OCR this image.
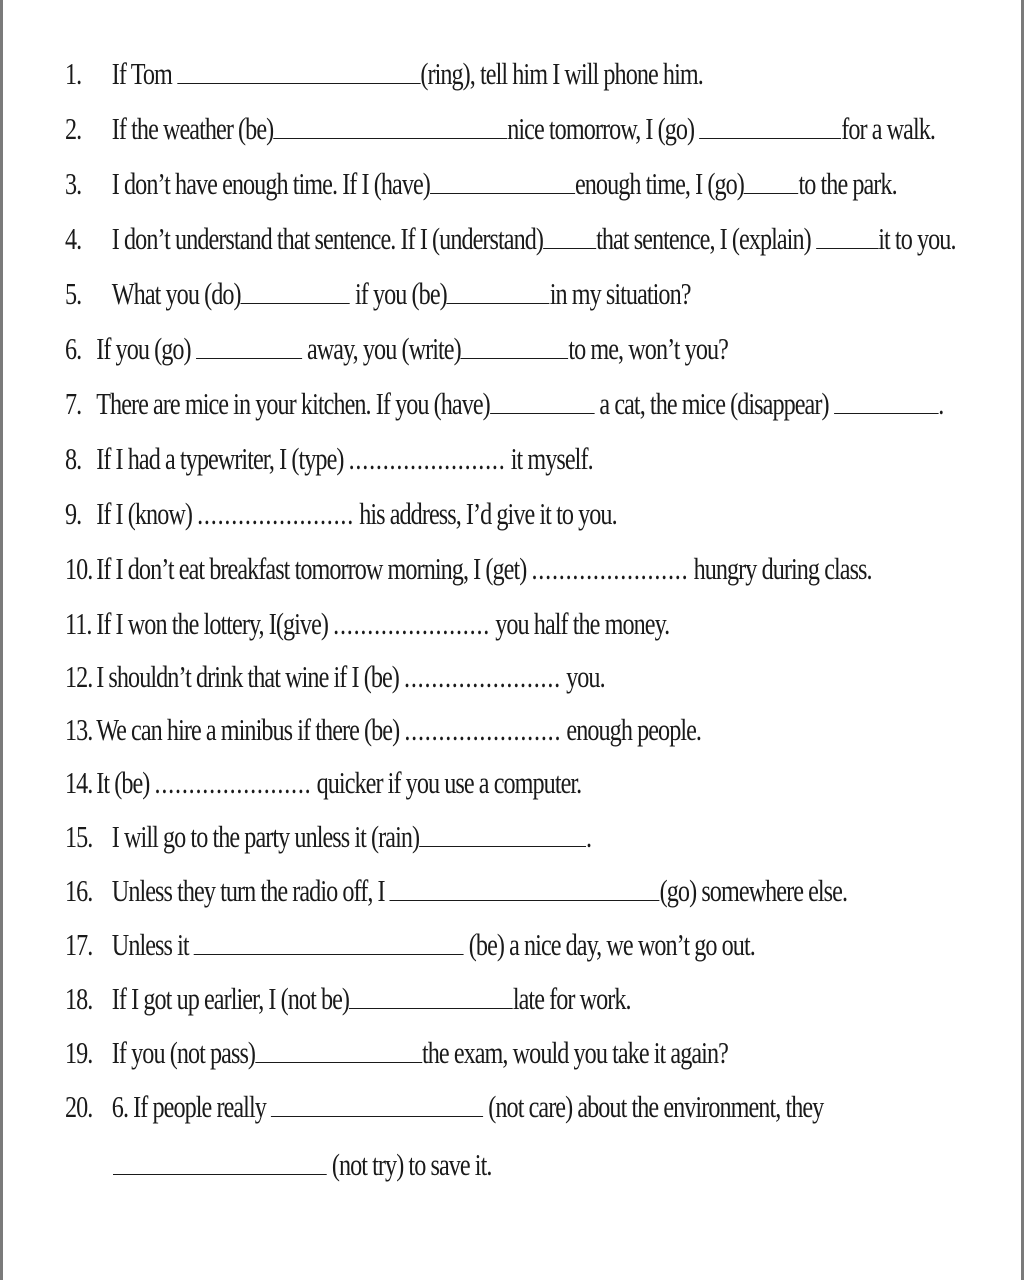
1. If Tom	(ring), tell him I will phone him.
2. If the weather (be)	nice tomorrow, I (go)	for a walk.
3. I don’t have enough time. If I (have)	enough time, I (go) to the park.
4. I don’t understand that sentence. If I (understand) that sentence, I (explain) it to you.
5. What you (do)	if you (be)	in my situation?
6. If you (go)	away, you (write)	to me, won’t you?
7. There are mice in your kitchen. If you (have)	a cat, the mice (disappear)	.
8. If I had a typewriter, I (type) ....................... it myself.
9. If I (know) ....................... his address, I’d give it to you.
10. If I don’t eat breakfast tomorrow morning, I (get) ....................... hungry during class.
11. If I won the lottery, I(give) ....................... you half the money.
12. I shouldn’t drink that wine if I (be) ....................... you.
13. We can hire a minibus if there (be) ....................... enough people.
14. It (be) ....................... quicker if you use a computer.
15. I will go to the party unless it (rain)	.
16. Unless they turn the radio off, I	(go) somewhere else.
17. Unless it	(be) a nice day, we won’t go out.
18. If I got up earlier, I (not be)	late for work.
19. If you (not pass)	the exam, would you take it again?
20. 6. If people really	(not care) about the environment, they
(not try) to save it.
